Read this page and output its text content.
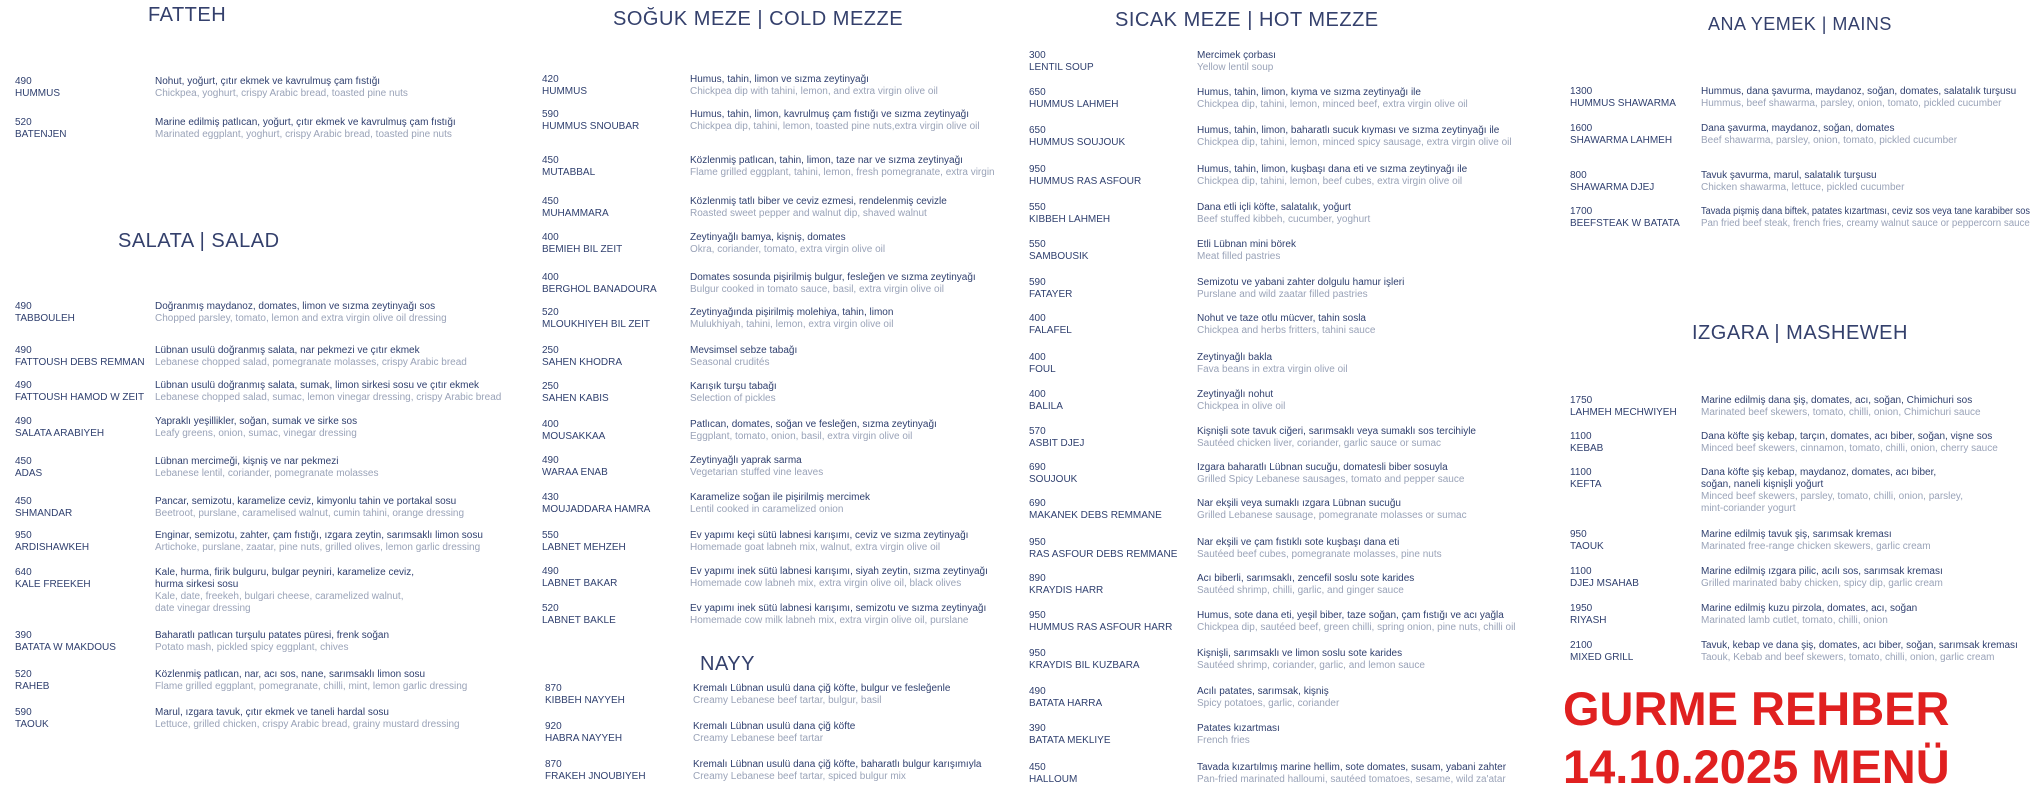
FATTEH
SALATA | SALAD
SOĞUK MEZE | COLD MEZZE
NAYY
SICAK MEZE | HOT MEZZE	ANA YEMEK | MAINS
IZGARA | MASHEWEH
490
HUMMUS
Nohut, yoğurt, çıtır ekmek ve kavrulmuş çam fıstığı
Chickpea, yoghurt, crispy Arabic bread, toasted pine nuts
520
BATENJEN
Marine edilmiş patlıcan, yoğurt, çıtır ekmek ve kavrulmuş çam fıstığı
Marinated eggplant, yoghurt, crispy Arabic bread, toasted pine nuts
490
TABBOULEH
Doğranmış maydanoz, domates, limon ve sızma zeytinyağı sos
Chopped parsley, tomato, lemon and extra virgin olive oil dressing
490
FATTOUSH DEBS REMMAN
Lübnan usulü doğranmış salata, nar pekmezi ve çıtır ekmek
Lebanese chopped salad, pomegranate molasses, crispy Arabic bread
490
FATTOUSH HAMOD W ZEIT
Lübnan usulü doğranmış salata, sumak, limon sirkesi sosu ve çıtır ekmek
Lebanese chopped salad, sumac, lemon vinegar dressing, crispy Arabic bread
490
SALATA ARABIYEH
Yapraklı yeşillikler, soğan, sumak ve sirke sos
Leafy greens, onion, sumac, vinegar dressing
450
ADAS
Lübnan mercimeği, kişniş ve nar pekmezi
Lebanese lentil, coriander, pomegranate molasses
450
SHMANDAR
Pancar, semizotu, karamelize ceviz, kimyonlu tahin ve portakal sosu
Beetroot, purslane, caramelised walnut, cumin tahini, orange dressing
950
ARDISHAWKEH
Enginar, semizotu, zahter, çam fıstığı, ızgara zeytin, sarımsaklı limon sosu
Artichoke, purslane, zaatar, pine nuts, grilled olives, lemon garlic dressing
640
KALE FREEKEH
Kale, hurma, firik bulguru, bulgar peyniri, karamelize ceviz,
hurma sirkesi sosu
Kale, date, freekeh, bulgari cheese, caramelized walnut,
date vinegar dressing
390
BATATA W MAKDOUS
Baharatlı patlıcan turşulu patates püresi, frenk soğan
Potato mash, pickled spicy eggplant, chives
520
RAHEB
Közlenmiş patlıcan, nar, acı sos, nane, sarımsaklı limon sosu
Flame grilled eggplant, pomegranate, chilli, mint, lemon garlic dressing
590
TAOUK
Marul, ızgara tavuk, çıtır ekmek ve taneli hardal sosu
Lettuce, grilled chicken, crispy Arabic bread, grainy mustard dressing
420
HUMMUS
Humus, tahin, limon ve sızma zeytinyağı
Chickpea dip with tahini, lemon, and extra virgin olive oil
590
HUMMUS SNOUBAR
Humus, tahin, limon, kavrulmuş çam fıstığı ve sızma zeytinyağı
Chickpea dip, tahini, lemon, toasted pine nuts,extra virgin olive oil
450
MUTABBAL
Közlenmiş patlıcan, tahin, limon, taze nar ve sızma zeytinyağı
Flame grilled eggplant, tahini, lemon, fresh pomegranate, extra virgin
450
MUHAMMARA
Közlenmiş tatlı biber ve ceviz ezmesi, rendelenmiş cevizle
Roasted sweet pepper and walnut dip, shaved walnut
400
BEMIEH BIL ZEIT
Zeytinyağlı bamya, kişniş, domates
Okra, coriander, tomato, extra virgin olive oil
400
BERGHOL BANADOURA
Domates sosunda pişirilmiş bulgur, fesleğen ve sızma zeytinyağı
Bulgur cooked in tomato sauce, basil, extra virgin olive oil
520
MLOUKHIYEH BIL ZEIT
Zeytinyağında pişirilmiş molehiya, tahin, limon
Mulukhiyah, tahini, lemon, extra virgin olive oil
250
SAHEN KHODRA
Mevsimsel sebze tabağı
Seasonal crudités
250
SAHEN KABIS
Karışık turşu tabağı
Selection of pickles
400
MOUSAKKAA
Patlıcan, domates, soğan ve fesleğen, sızma zeytinyağı
Eggplant, tomato, onion, basil, extra virgin olive oil
490
WARAA ENAB
Zeytinyağlı yaprak sarma
Vegetarian stuffed vine leaves
430
MOUJADDARA HAMRA
Karamelize soğan ile pişirilmiş mercimek
Lentil cooked in caramelized onion
550
LABNET MEHZEH
Ev yapımı keçi sütü labnesi karışımı, ceviz ve sızma zeytinyağı
Homemade goat labneh mix, walnut, extra virgin olive oil
490
LABNET BAKAR
Ev yapımı inek sütü labnesi karışımı, siyah zeytin, sızma zeytinyağı
Homemade cow labneh mix, extra virgin olive oil, black olives
520
LABNET BAKLE
Ev yapımı inek sütü labnesi karışımı, semizotu ve sızma zeytinyağı
Homemade cow milk labneh mix, extra virgin olive oil, purslane
870
KIBBEH NAYYEH
Kremalı Lübnan usulü dana çiğ köfte, bulgur ve fesleğenle
Creamy Lebanese beef tartar, bulgur, basil
920
HABRA NAYYEH
Kremalı Lübnan usulü dana çiğ köfte
Creamy Lebanese beef tartar
870
FRAKEH JNOUBIYEH
Kremalı Lübnan usulü dana çiğ köfte, baharatlı bulgur karışımıyla
Creamy Lebanese beef tartar, spiced bulgur mix
300
LENTIL SOUP
Mercimek çorbası
Yellow lentil soup
650
HUMMUS LAHMEH
Humus, tahin, limon, kıyma ve sızma zeytinyağı ile
Chickpea dip, tahini, lemon, minced beef, extra virgin olive oil
650
HUMMUS SOUJOUK
Humus, tahin, limon, baharatlı sucuk kıyması ve sızma zeytinyağı ile
Chickpea dip, tahini, lemon, minced spicy sausage, extra virgin olive oil
950
HUMMUS RAS ASFOUR
Humus, tahin, limon, kuşbaşı dana eti ve sızma zeytinyağı ile
Chickpea dip, tahini, lemon, beef cubes, extra virgin olive oil
550
KIBBEH LAHMEH
Dana etli içli köfte, salatalık, yoğurt
Beef stuffed kibbeh, cucumber, yoghurt
550
SAMBOUSIK
Etli Lübnan mini börek
Meat filled pastries
590
FATAYER
Semizotu ve yabani zahter dolgulu hamur işleri
Purslane and wild zaatar filled pastries
400
FALAFEL
Nohut ve taze otlu mücver, tahin sosla
Chickpea and herbs fritters, tahini sauce
400
FOUL
Zeytinyağlı bakla
Fava beans in extra virgin olive oil
400
BALILA
Zeytinyağlı nohut
Chickpea in olive oil
570
ASBIT DJEJ
Kişnişli sote tavuk ciğeri, sarımsaklı veya sumaklı sos tercihiyle
Sautéed chicken liver, coriander, garlic sauce or sumac
690
SOUJOUK
Izgara baharatlı Lübnan sucuğu, domatesli biber sosuyla
Grilled Spicy Lebanese sausages, tomato and pepper sauce
690
MAKANEK DEBS REMMANE
Nar ekşili veya sumaklı ızgara Lübnan sucuğu
Grilled Lebanese sausage, pomegranate molasses or sumac
950
RAS ASFOUR DEBS REMMANE
Nar ekşili ve çam fıstıklı sote kuşbaşı dana eti
Sautéed beef cubes, pomegranate molasses, pine nuts
890
KRAYDIS HARR
Acı biberli, sarımsaklı, zencefil soslu sote karides
Sautéed shrimp, chilli, garlic, and ginger sauce
950
HUMMUS RAS ASFOUR HARR
Humus, sote dana eti, yeşil biber, taze soğan, çam fıstığı ve acı yağla
Chickpea dip, sautéed beef, green chilli, spring onion, pine nuts, chilli oil
950
KRAYDIS BIL KUZBARA
Kişnişli, sarımsaklı ve limon soslu sote karides
Sautéed shrimp, coriander, garlic, and lemon sauce
490
BATATA HARRA
Acılı patates, sarımsak, kişniş
Spicy potatoes, garlic, coriander
390
BATATA MEKLIYE
Patates kızartması
French fries
450
HALLOUM
Tavada kızartılmış marine hellim, sote domates, susam, yabani zahter
Pan-fried marinated halloumi, sautéed tomatoes, sesame, wild za'atar
1300
HUMMUS SHAWARMA
Hummus, dana şavurma, maydanoz, soğan, domates, salatalık turşusu
Hummus, beef shawarma, parsley, onion, tomato, pickled cucumber
1600
SHAWARMA LAHMEH
Dana şavurma, maydanoz, soğan, domates
Beef shawarma, parsley, onion, tomato, pickled cucumber
800
SHAWARMA DJEJ
Tavuk şavurma, marul, salatalık turşusu
Chicken shawarma, lettuce, pickled cucumber
1700
BEEFSTEAK W BATATA
Tavada pişmiş dana biftek, patates kızartması, ceviz sos veya tane karabiber sos
Pan fried beef steak, french fries, creamy walnut sauce or peppercorn sauce
1750
LAHMEH MECHWIYEH
Marine edilmiş dana şiş, domates, acı, soğan, Chimichuri sos
Marinated beef skewers, tomato, chilli, onion, Chimichuri sauce
1100
KEBAB
Dana köfte şiş kebap, tarçın, domates, acı biber, soğan, vişne sos
Minced beef skewers, cinnamon, tomato, chilli, onion, cherry sauce
1100
KEFTA
Dana köfte şiş kebap, maydanoz, domates, acı biber,
soğan, naneli kişnişli yoğurt
Minced beef skewers, parsley, tomato, chilli, onion, parsley,
mint-coriander yogurt
950
TAOUK
Marine edilmiş tavuk şiş, sarımsak kreması
Marinated free-range chicken skewers, garlic cream
1100
DJEJ MSAHAB
Marine edilmiş ızgara pilic, acılı sos, sarımsak kreması
Grilled marinated baby chicken, spicy dip, garlic cream
1950
RIYASH
Marine edilmiş kuzu pirzola, domates, acı, soğan
Marinated lamb cutlet, tomato, chilli, onion
2100
MIXED GRILL
Tavuk, kebap ve dana şiş, domates, acı biber, soğan, sarımsak kreması
Taouk, Kebab and beef skewers, tomato, chilli, onion, garlic cream
GURME REHBER
14.10.2025 MENÜ
